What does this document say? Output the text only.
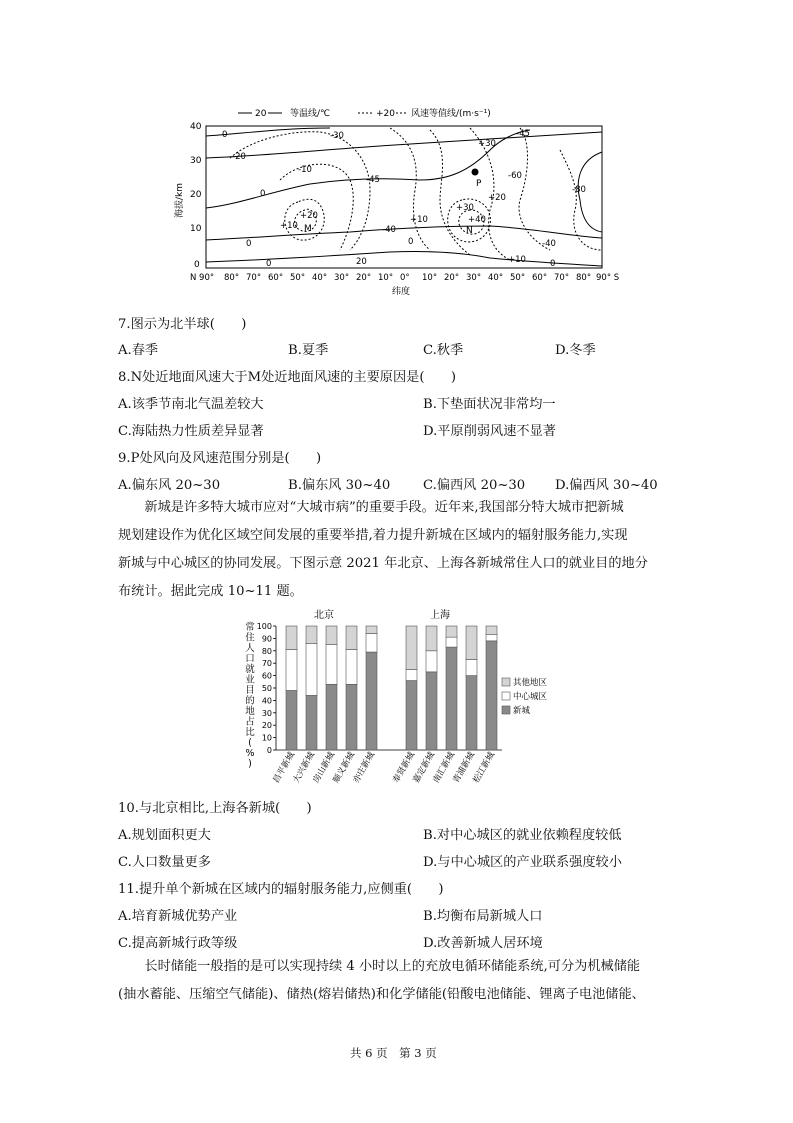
20	等温线/℃	+20 风速等值线/(m·s⁻¹)
40
30
20
10
0
海拔/km
N 90° 80° 70° 60° 50° 40° 30° 20° 10° 0° 10° 20° 30° 40° 50° 60° 70° 80° 90° S
纬度
0	-30
-20
-10
0
-45
-45
+30
-60
-80
+20
+20
+10	-40
+10
+30
+40
-40
0
0
20
0	+10	0
M	N
P
7.图示为北半球(　　)
A.春季	B.夏季	C.秋季	D.冬季
8.N处近地面风速大于M处近地面风速的主要原因是(　　)
A.该季节南北气温差较大	B.下垫面状况非常均一
C.海陆热力性质差异显著	D.平原削弱风速不显著
9.P处风向及风速范围分别是(　　)
A.偏东风 20~30	B.偏东风 30~40 C.偏西风 20~30 D.偏西风 30~40

新城是许多特大城市应对“大城市病”的重要手段。近年来,我国部分特大城市把新城

规划建设作为优化区域空间发展的重要举措,着力提升新城在区域内的辐射服务能力,实现

新城与中心城区的协同发展。下图示意 2021 年北京、上海各新城常住人口的就业目的地分

布统计。据此完成 10~11 题。

北京	上海
常
住
人
口
就
业
目
的
地
占
比
(
%
)
100
90
80
70
60
50
40
30
20
10
0 昌平新城
大兴新城
房山新城
顺义新城
亦庄新城 奉贤新城
嘉定新城
南汇新城
青浦新城
松江新城
其他地区
中心城区
新城
10.与北京相比,上海各新城(　　)
A.规划面积更大	B.对中心城区的就业依赖程度较低
C.人口数量更多	D.与中心城区的产业联系强度较小
11.提升单个新城在区域内的辐射服务能力,应侧重(　　)
A.培育新城优势产业	B.均衡布局新城人口
C.提高新城行政等级	D.改善新城人居环境

长时储能一般指的是可以实现持续 4 小时以上的充放电循环储能系统,可分为机械储能

(抽水蓄能、压缩空气储能)、储热(熔岩储热)和化学储能(铅酸电池储能、锂离子电池储能、

共 6 页　第 3 页
